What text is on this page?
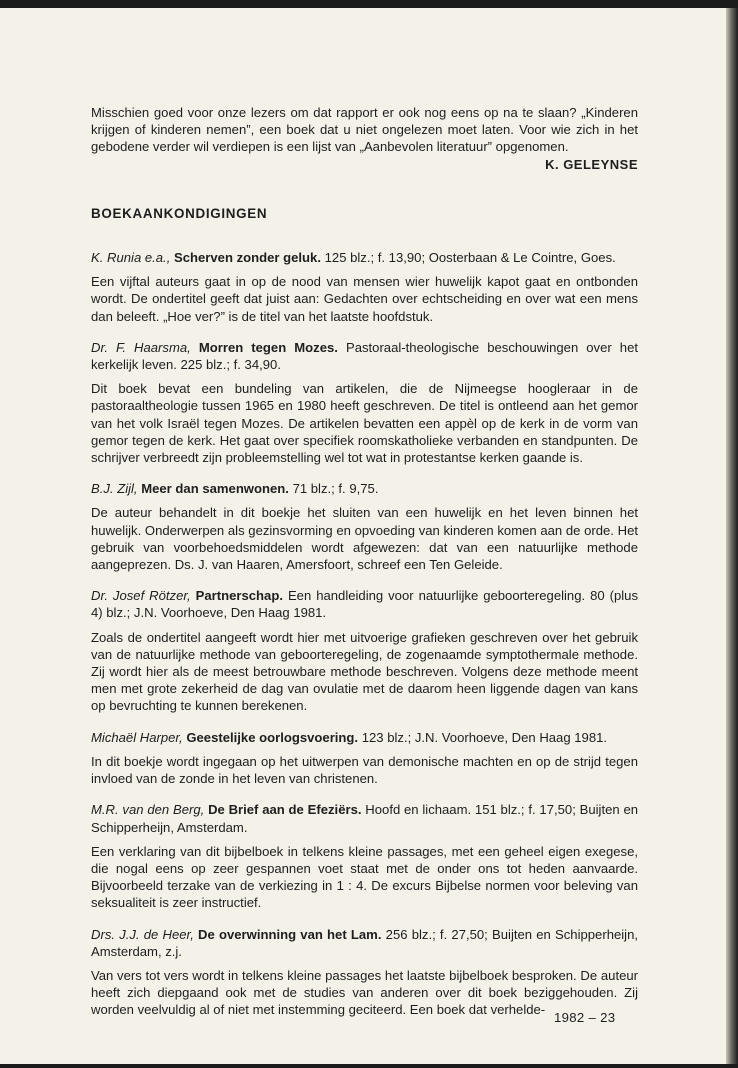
Misschien goed voor onze lezers om dat rapport er ook nog eens op na te slaan? „Kinderen krijgen of kinderen nemen”, een boek dat u niet ongelezen moet laten. Voor wie zich in het gebodene verder wil verdiepen is een lijst van „Aanbevolen literatuur” opgenomen.

K. GELEYNSE
BOEKAANKONDIGINGEN

K. Runia e.a., Scherven zonder geluk. 125 blz.; f. 13,90; Oosterbaan & Le Cointre, Goes.

Een vijftal auteurs gaat in op de nood van mensen wier huwelijk kapot gaat en ontbonden wordt. De ondertitel geeft dat juist aan: Gedachten over echtscheiding en over wat een mens dan beleeft. „Hoe ver?” is de titel van het laatste hoofdstuk.

Dr. F. Haarsma, Morren tegen Mozes. Pastoraal-theologische beschouwingen over het kerkelijk leven. 225 blz.; f. 34,90.

Dit boek bevat een bundeling van artikelen, die de Nijmeegse hoogleraar in de pastoraaltheologie tussen 1965 en 1980 heeft geschreven. De titel is ontleend aan het gemor van het volk Israël tegen Mozes. De artikelen bevatten een appèl op de kerk in de vorm van gemor tegen de kerk. Het gaat over specifiek roomskatholieke verbanden en standpunten. De schrijver verbreedt zijn probleemstelling wel tot wat in protestantse kerken gaande is.

B.J. Zijl, Meer dan samenwonen. 71 blz.; f. 9,75.

De auteur behandelt in dit boekje het sluiten van een huwelijk en het leven binnen het huwelijk. Onderwerpen als gezinsvorming en opvoeding van kinderen komen aan de orde. Het gebruik van voorbehoedsmiddelen wordt afgewezen: dat van een natuurlijke methode aangeprezen. Ds. J. van Haaren, Amersfoort, schreef een Ten Geleide.

Dr. Josef Rötzer, Partnerschap. Een handleiding voor natuurlijke geboorteregeling. 80 (plus 4) blz.; J.N. Voorhoeve, Den Haag 1981.

Zoals de ondertitel aangeeft wordt hier met uitvoerige grafieken geschreven over het gebruik van de natuurlijke methode van geboorteregeling, de zogenaamde symptothermale methode. Zij wordt hier als de meest betrouwbare methode beschreven. Volgens deze methode meent men met grote zekerheid de dag van ovulatie met de daarom heen liggende dagen van kans op bevruchting te kunnen berekenen.

Michaël Harper, Geestelijke oorlogsvoering. 123 blz.; J.N. Voorhoeve, Den Haag 1981.

In dit boekje wordt ingegaan op het uitwerpen van demonische machten en op de strijd tegen invloed van de zonde in het leven van christenen.

M.R. van den Berg, De Brief aan de Efeziërs. Hoofd en lichaam. 151 blz.; f. 17,50; Buijten en Schipperheijn, Amsterdam.

Een verklaring van dit bijbelboek in telkens kleine passages, met een geheel eigen exegese, die nogal eens op zeer gespannen voet staat met de onder ons tot heden aanvaarde. Bijvoorbeeld terzake van de verkiezing in 1 : 4. De excurs Bijbelse normen voor beleving van seksualiteit is zeer instructief.

Drs. J.J. de Heer, De overwinning van het Lam. 256 blz.; f. 27,50; Buijten en Schipperheijn, Amsterdam, z.j.

Van vers tot vers wordt in telkens kleine passages het laatste bijbelboek besproken. De auteur heeft zich diepgaand ook met de studies van anderen over dit boek beziggehouden. Zij worden veelvuldig al of niet met instemming geciteerd. Een boek dat verhelde-

1982 – 23
